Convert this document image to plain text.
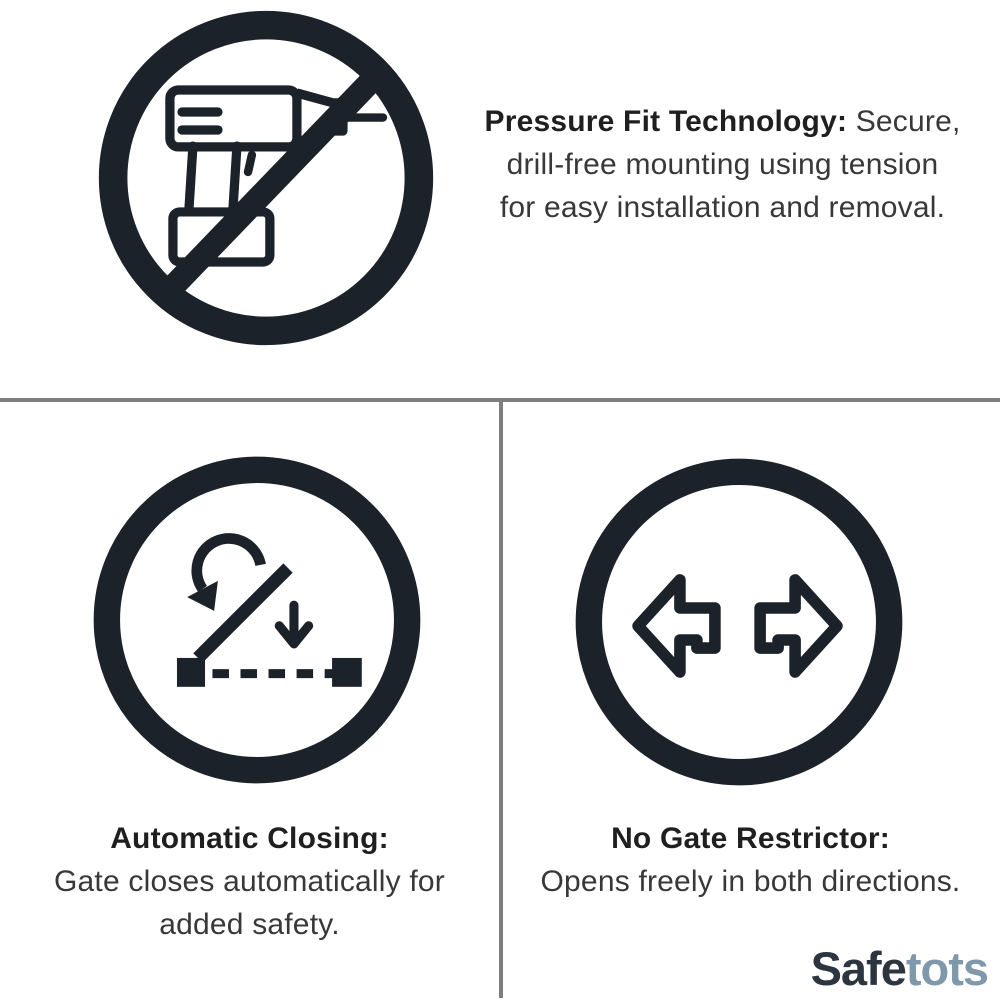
Pressure Fit Technology: Secure,
drill-free mounting using tension
for easy installation and removal.
Automatic Closing:
Gate closes automatically for
added safety.
No Gate Restrictor:
Opens freely in both directions.
Safetots
